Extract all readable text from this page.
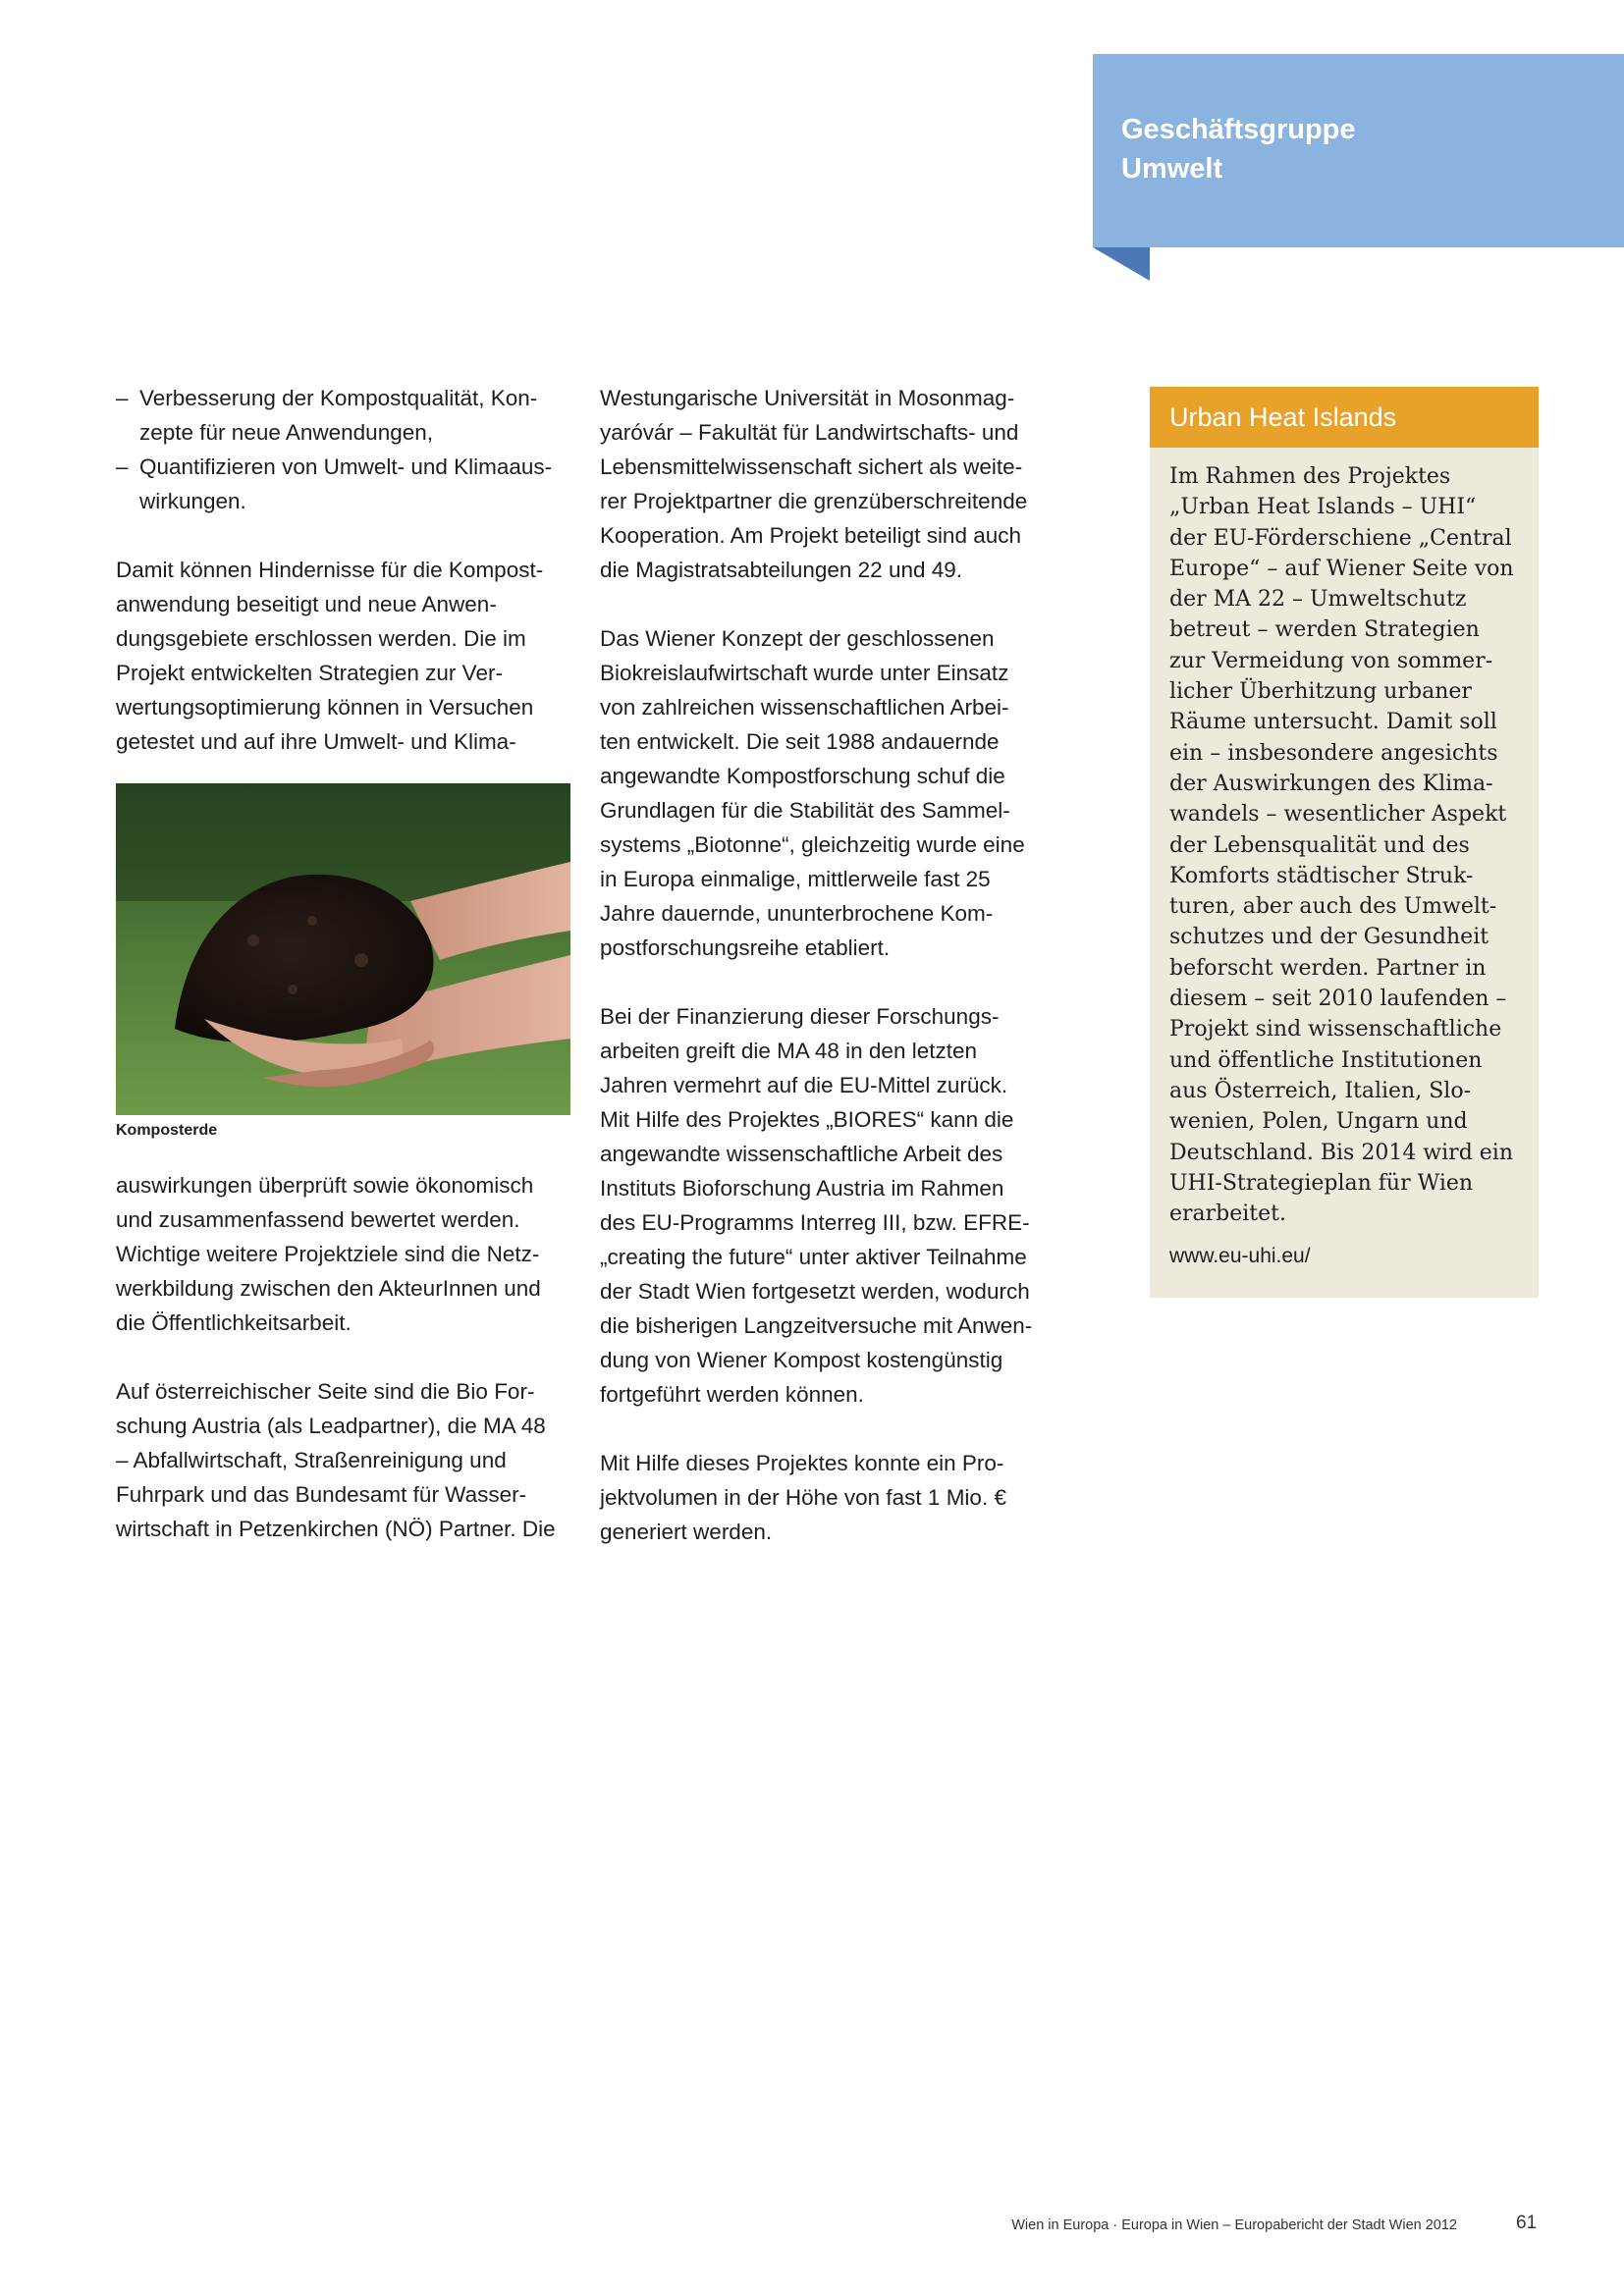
Geschäftsgruppe
Umwelt
– Verbesserung der Kompostqualität, Kon-
zepte für neue Anwendungen,
– Quantifizieren von Umwelt- und Klimaaus-
wirkungen.

Damit können Hindernisse für die Kompost-
anwendung beseitigt und neue Anwen-
dungsgebiete erschlossen werden. Die im
Projekt entwickelten Strategien zur Ver-
wertungsoptimierung können in Versuchen
getestet und auf ihre Umwelt- und Klima-

Komposterde

auswirkungen überprüft sowie ökonomisch
und zusammenfassend bewertet werden.
Wichtige weitere Projektziele sind die Netz-
werkbildung zwischen den AkteurInnen und
die Öffentlichkeitsarbeit.

Auf österreichischer Seite sind die Bio For-
schung Austria (als Leadpartner), die MA 48
– Abfallwirtschaft, Straßenreinigung und
Fuhrpark und das Bundesamt für Wasser-
wirtschaft in Petzenkirchen (NÖ) Partner. Die

Westungarische Universität in Mosonmag-
yaróvár – Fakultät für Landwirtschafts- und
Lebensmittelwissenschaft sichert als weite-
rer Projektpartner die grenzüberschreitende
Kooperation. Am Projekt beteiligt sind auch
die Magistratsabteilungen 22 und 49.

Das Wiener Konzept der geschlossenen
Biokreislaufwirtschaft wurde unter Einsatz
von zahlreichen wissenschaftlichen Arbei-
ten entwickelt. Die seit 1988 andauernde
angewandte Kompostforschung schuf die
Grundlagen für die Stabilität des Sammel-
systems „Biotonne“, gleichzeitig wurde eine
in Europa einmalige, mittlerweile fast 25
Jahre dauernde, ununterbrochene Kom-
postforschungsreihe etabliert.

Bei der Finanzierung dieser Forschungs-
arbeiten greift die MA 48 in den letzten
Jahren vermehrt auf die EU-Mittel zurück.
Mit Hilfe des Projektes „BIORES“ kann die
angewandte wissenschaftliche Arbeit des
Instituts Bioforschung Austria im Rahmen
des EU-Programms Interreg III, bzw. EFRE-
„creating the future“ unter aktiver Teilnahme
der Stadt Wien fortgesetzt werden, wodurch
die bisherigen Langzeitversuche mit Anwen-
dung von Wiener Kompost kostengünstig
fortgeführt werden können.

Mit Hilfe dieses Projektes konnte ein Pro-
jektvolumen in der Höhe von fast 1 Mio. €
generiert werden.

Urban Heat Islands
Im Rahmen des Projektes
„Urban Heat Islands – UHI“
der EU-Förderschiene „Central
Europe“ – auf Wiener Seite von
der MA 22 – Umweltschutz
betreut – werden Strategien
zur Vermeidung von sommer-
licher Überhitzung urbaner
Räume untersucht. Damit soll
ein – insbesondere angesichts
der Auswirkungen des Klima-
wandels – wesentlicher Aspekt
der Lebensqualität und des
Komforts städtischer Struk-
turen, aber auch des Umwelt-
schutzes und der Gesundheit
beforscht werden. Partner in
diesem – seit 2010 laufenden –
Projekt sind wissenschaftliche
und öffentliche Institutionen
aus Österreich, Italien, Slo-
wenien, Polen, Ungarn und
Deutschland. Bis 2014 wird ein
UHI-Strategieplan für Wien
erarbeitet.
www.eu-uhi.eu/
Wien in Europa · Europa in Wien – Europabericht der Stadt Wien 2012	61
